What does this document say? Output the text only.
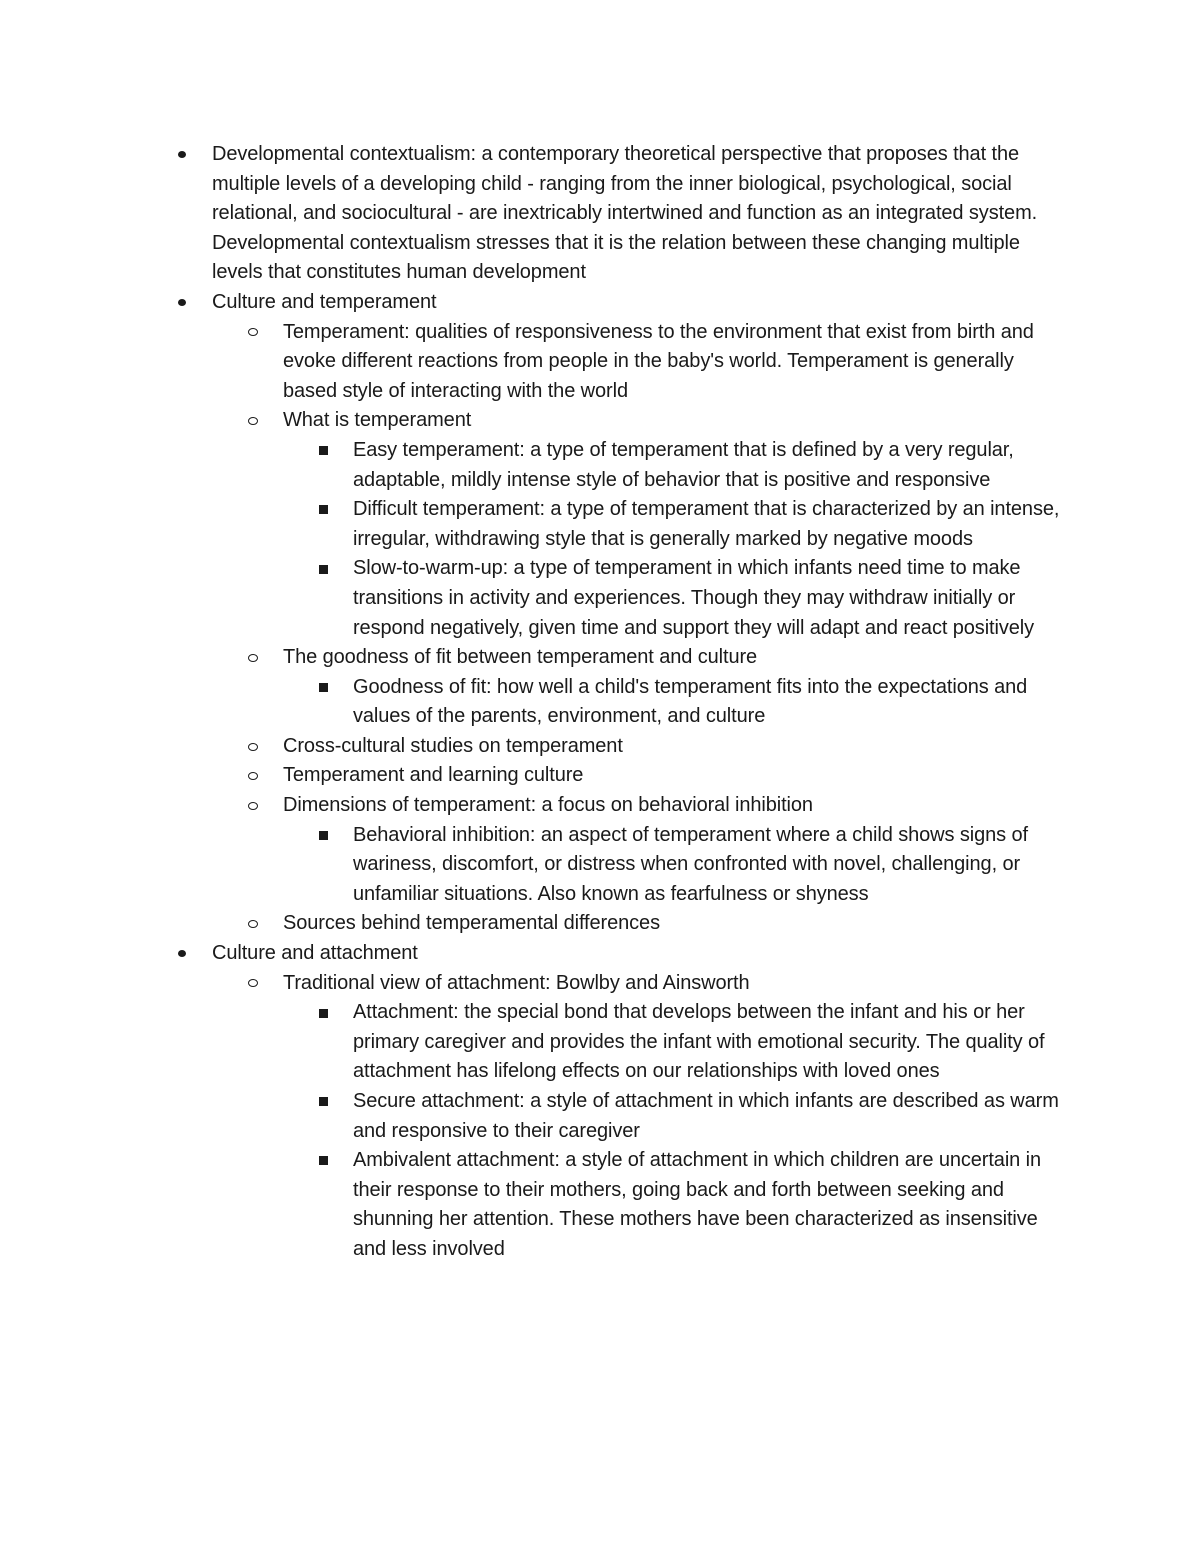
Developmental contextualism: a contemporary theoretical perspective that proposes that the multiple levels of a developing child - ranging from the inner biological, psychological, social relational, and sociocultural - are inextricably intertwined and function as an integrated system. Developmental contextualism stresses that it is the relation between these changing multiple levels that constitutes human development
Culture and temperament
Temperament: qualities of responsiveness to the environment that exist from birth and evoke different reactions from people in the baby's world. Temperament is generally based style of interacting with the world
What is temperament
Easy temperament: a type of temperament that is defined by a very regular, adaptable, mildly intense style of behavior that is positive and responsive
Difficult temperament: a type of temperament that is characterized by an intense, irregular, withdrawing style that is generally marked by negative moods
Slow-to-warm-up: a type of temperament in which infants need time to make transitions in activity and experiences. Though they may withdraw initially or respond negatively, given time and support they will adapt and react positively
The goodness of fit between temperament and culture
Goodness of fit: how well a child's temperament fits into the expectations and values of the parents, environment, and culture
Cross-cultural studies on temperament
Temperament and learning culture
Dimensions of temperament: a focus on behavioral inhibition
Behavioral inhibition: an aspect of temperament where a child shows signs of wariness, discomfort, or distress when confronted with novel, challenging, or unfamiliar situations. Also known as fearfulness or shyness
Sources behind temperamental differences
Culture and attachment
Traditional view of attachment: Bowlby and Ainsworth
Attachment: the special bond that develops between the infant and his or her primary caregiver and provides the infant with emotional security. The quality of attachment has lifelong effects on our relationships with loved ones
Secure attachment: a style of attachment in which infants are described as warm and responsive to their caregiver
Ambivalent attachment: a style of attachment in which children are uncertain in their response to their mothers, going back and forth between seeking and shunning her attention. These mothers have been characterized as insensitive and less involved
